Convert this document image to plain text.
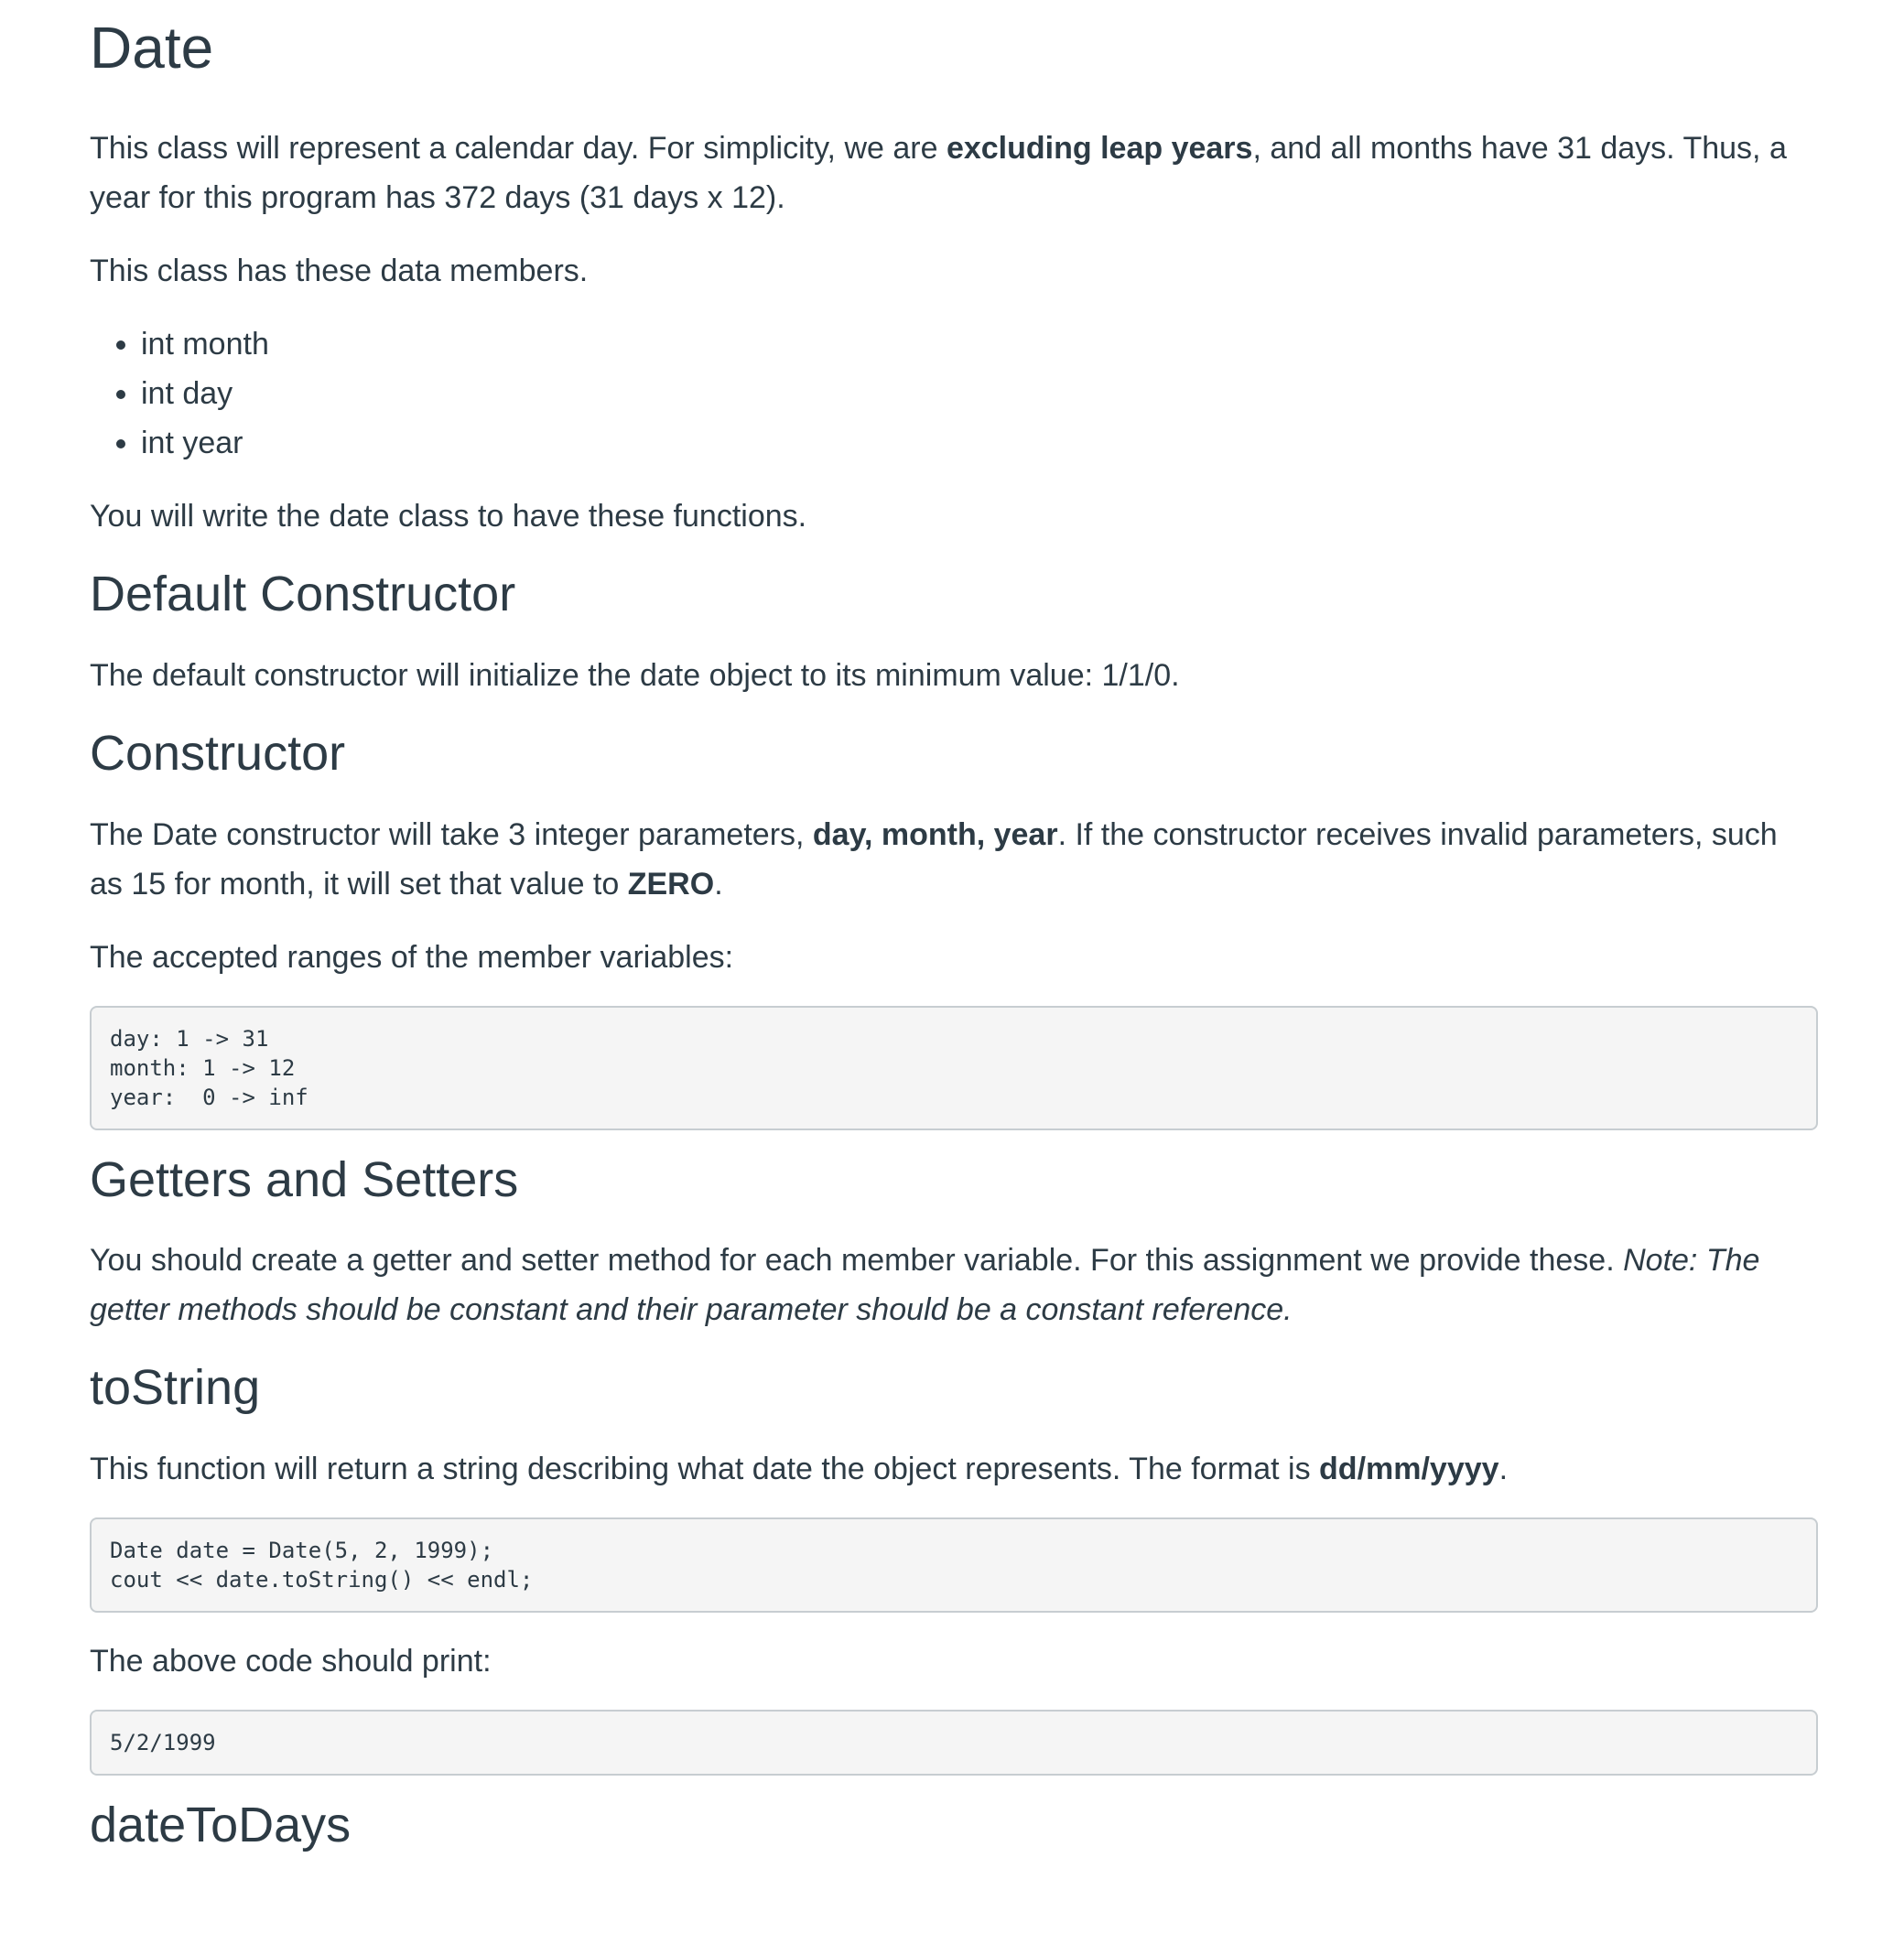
Date

This class will represent a calendar day. For simplicity, we are excluding leap years, and all months have 31 days. Thus, a year for this program has 372 days (31 days x 12).

This class has these data members.

• int month
• int day
• int year

You will write the date class to have these functions.

Default Constructor

The default constructor will initialize the date object to its minimum value: 1/1/0.

Constructor

The Date constructor will take 3 integer parameters, day, month, year. If the constructor receives invalid parameters, such as 15 for month, it will set that value to ZERO.

The accepted ranges of the member variables:

day: 1 -> 31
month: 1 -> 12
year:  0 -> inf
Getters and Setters

You should create a getter and setter method for each member variable. For this assignment we provide these. Note: The getter methods should be constant and their parameter should be a constant reference.

toString

This function will return a string describing what date the object represents. The format is dd/mm/yyyy.

Date date = Date(5, 2, 1999);
cout << date.toString() << endl;

The above code should print:

5/2/1999
dateToDays
